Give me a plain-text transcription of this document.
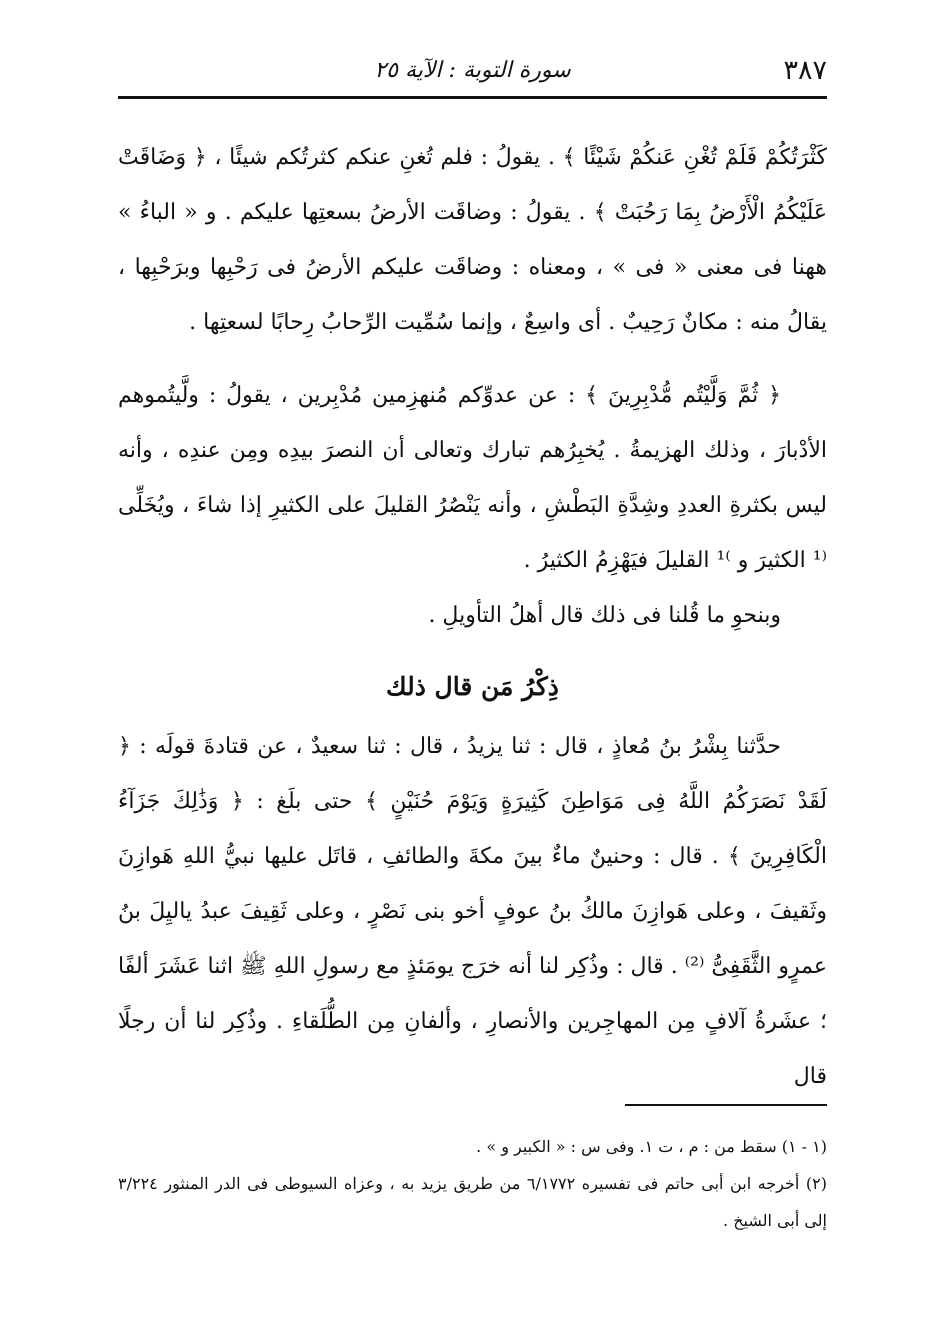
سورة التوبة : الآية ٢٥	٣٨٧

كَثْرَتُكُمْ فَلَمْ تُغْنِ عَنكُمْ شَيْئًا ﴾ . يقولُ : فلم تُغنِ عنكم كثرتُكم شيئًا ، ﴿ وَضَاقَتْ عَلَيْكُمُ الْأَرْضُ بِمَا رَحُبَتْ ﴾ . يقولُ : وضاقَت الأرضُ بسعتِها عليكم . و « الباءُ » ههنا فى معنى « فى » ، ومعناه : وضاقَت عليكم الأرضُ فى رَحْبِها وبرَحْبِها ، يقالُ منه : مكانٌ رَحِيبٌ . أى واسِعٌ ، وإنما سُمِّيت الرِّحابُ رِحابًا لسعتِها .

﴿ ثُمَّ وَلَّيْتُم مُّدْبِرِينَ ﴾ : عن عدوِّكم مُنهزِمين مُدْبِرين ، يقولُ : ولَّيتُموهم الأدْبارَ ، وذلك الهزيمةُ . يُخبِرُهم تبارك وتعالى أن النصرَ بيدِه ومِن عندِه ، وأنه ليس بكثرةِ العددِ وشِدَّةِ البَطْشِ ، وأنه يَنْصُرُ القليلَ على الكثيرِ إذا شاءَ ، ويُخَلِّى ⁽¹ الكثيرَ و ⁾¹ القليلَ فيَهْزِمُ الكثيرُ .

وبنحوِ ما قُلنا فى ذلك قال أهلُ التأويلِ .

ذِكْرُ مَن قال ذلك

حدَّثنا بِشْرُ بنُ مُعاذٍ ، قال : ثنا يزيدُ ، قال : ثنا سعيدٌ ، عن قتادةَ قولَه : ﴿ لَقَدْ نَصَرَكُمُ اللَّهُ فِى مَوَاطِنَ كَثِيرَةٍ وَيَوْمَ حُنَيْنٍ ﴾ حتى بلَغ : ﴿ وَذَٰلِكَ جَزَآءُ الْكَافِرِينَ ﴾ . قال : وحنينٌ ماءٌ بينَ مكةَ والطائفِ ، قاتَل عليها نبيُّ اللهِ هَوازِنَ وثَقيفَ ، وعلى هَوازِنَ مالكُ بنُ عوفٍ أخو بنى نَصْرٍ ، وعلى ثَقِيفَ عبدُ ياليِلَ بنُ عمرٍو الثَّقَفِىُّ ⁽²⁾ . قال : وذُكِر لنا أنه خرَج يومَئذٍ مع رسولِ اللهِ ﷺ اثنا عَشَرَ ألفًا ؛ عشَرةُ آلافٍ مِن المهاجِرين والأنصارِ ، وألفانِ مِن الطُّلَقاءِ . وذُكِر لنا أن رجلًا قال

(١ - ١) سقط من : م ، ت ١. وفى س : « الكبير و » .

(٢) أخرجه ابن أبى حاتم فى تفسيره ٦/١٧٧٢ من طريق يزيد به ، وعزاه السيوطى فى الدر المنثور ٣/٢٢٤ إلى أبى الشيخ .
